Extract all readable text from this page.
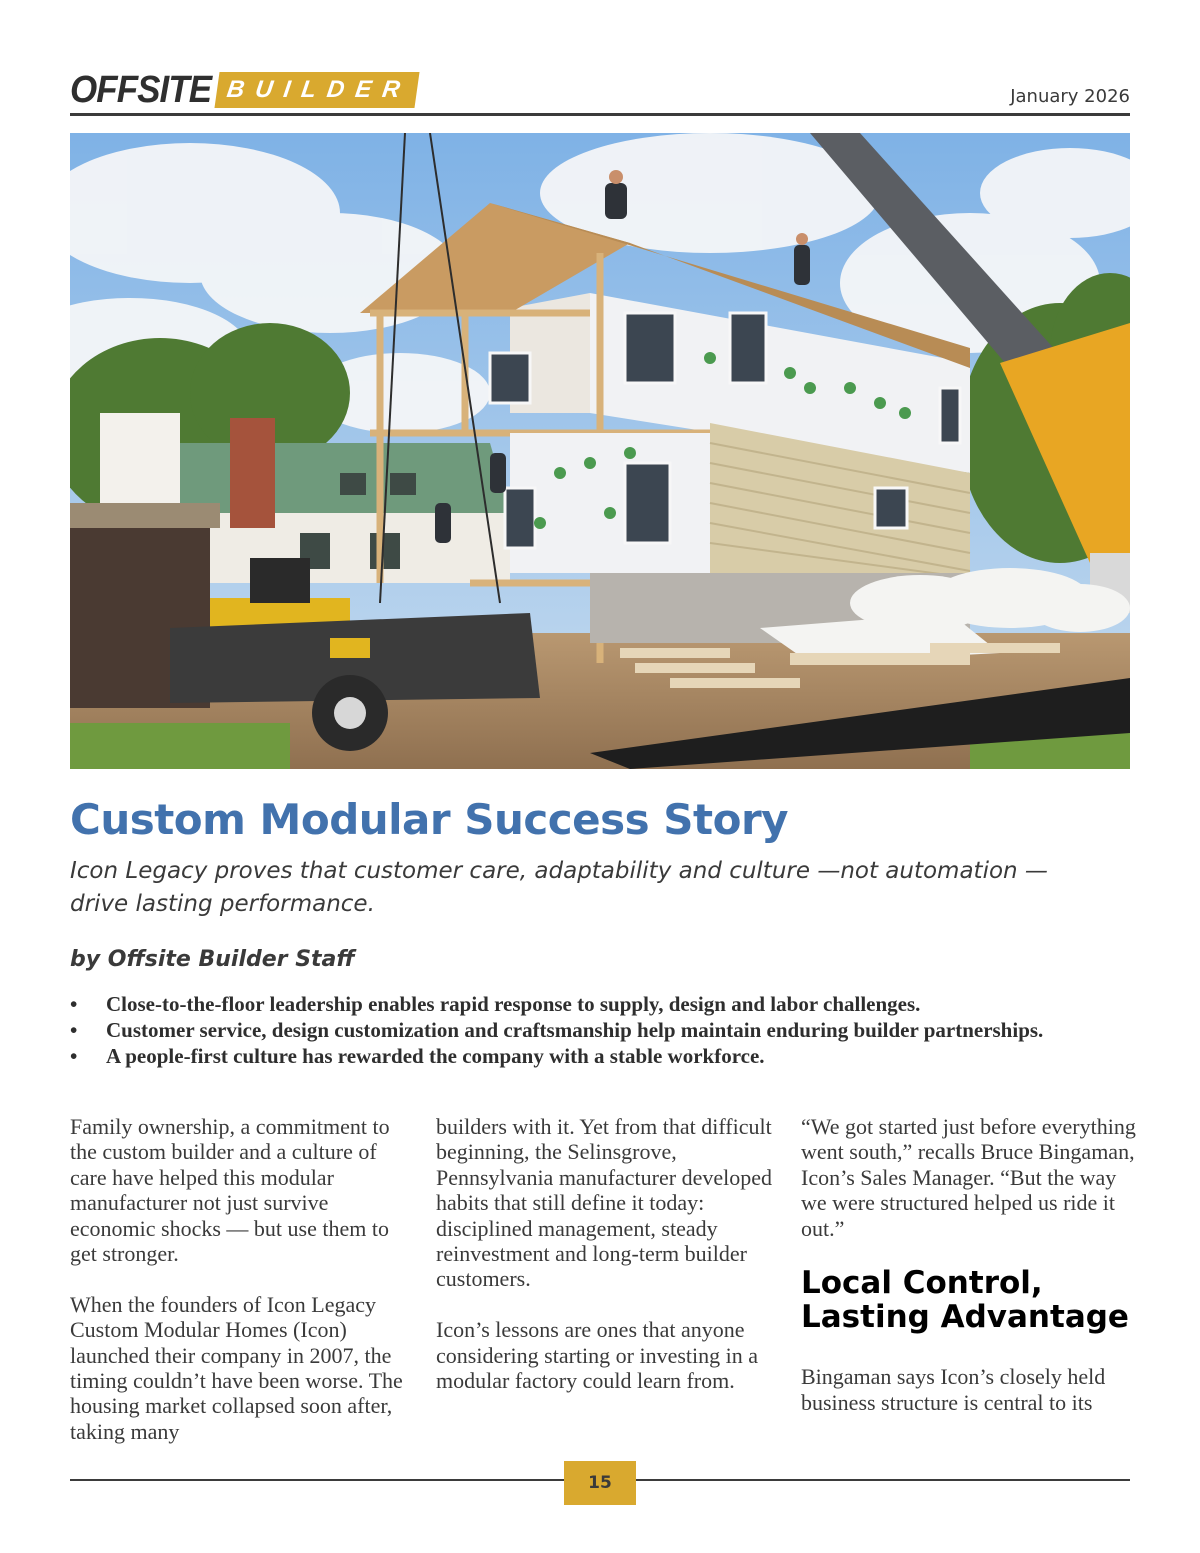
OFFSITE BUILDER	January 2026
Custom Modular Success Story

Icon Legacy proves that customer care, adaptability and culture —not automation — drive lasting performance.

by Offsite Builder Staff

• Close-to-the-floor leadership enables rapid response to supply, design and labor challenges.
• Customer service, design customization and craftsmanship help maintain enduring builder partnerships.
• A people-first culture has rewarded the company with a stable workforce.

Family ownership, a commitment to the custom builder and a culture of care have helped this modular manufacturer not just survive economic shocks — but use them to get stronger.

When the founders of Icon Legacy Custom Modular Homes (Icon) launched their company in 2007, the timing couldn’t have been worse. The housing market collapsed soon after, taking many

builders with it. Yet from that difficult beginning, the Selinsgrove, Pennsylvania manufacturer developed habits that still define it today: disciplined management, steady reinvestment and long-term builder customers.

Icon’s lessons are ones that anyone considering starting or investing in a modular factory could learn from.

“We got started just before everything went south,” recalls Bruce Bingaman, Icon’s Sales Manager. “But the way we were structured helped us ride it out.”

Local Control, Lasting Advantage

Bingaman says Icon’s closely held business structure is central to its

15
